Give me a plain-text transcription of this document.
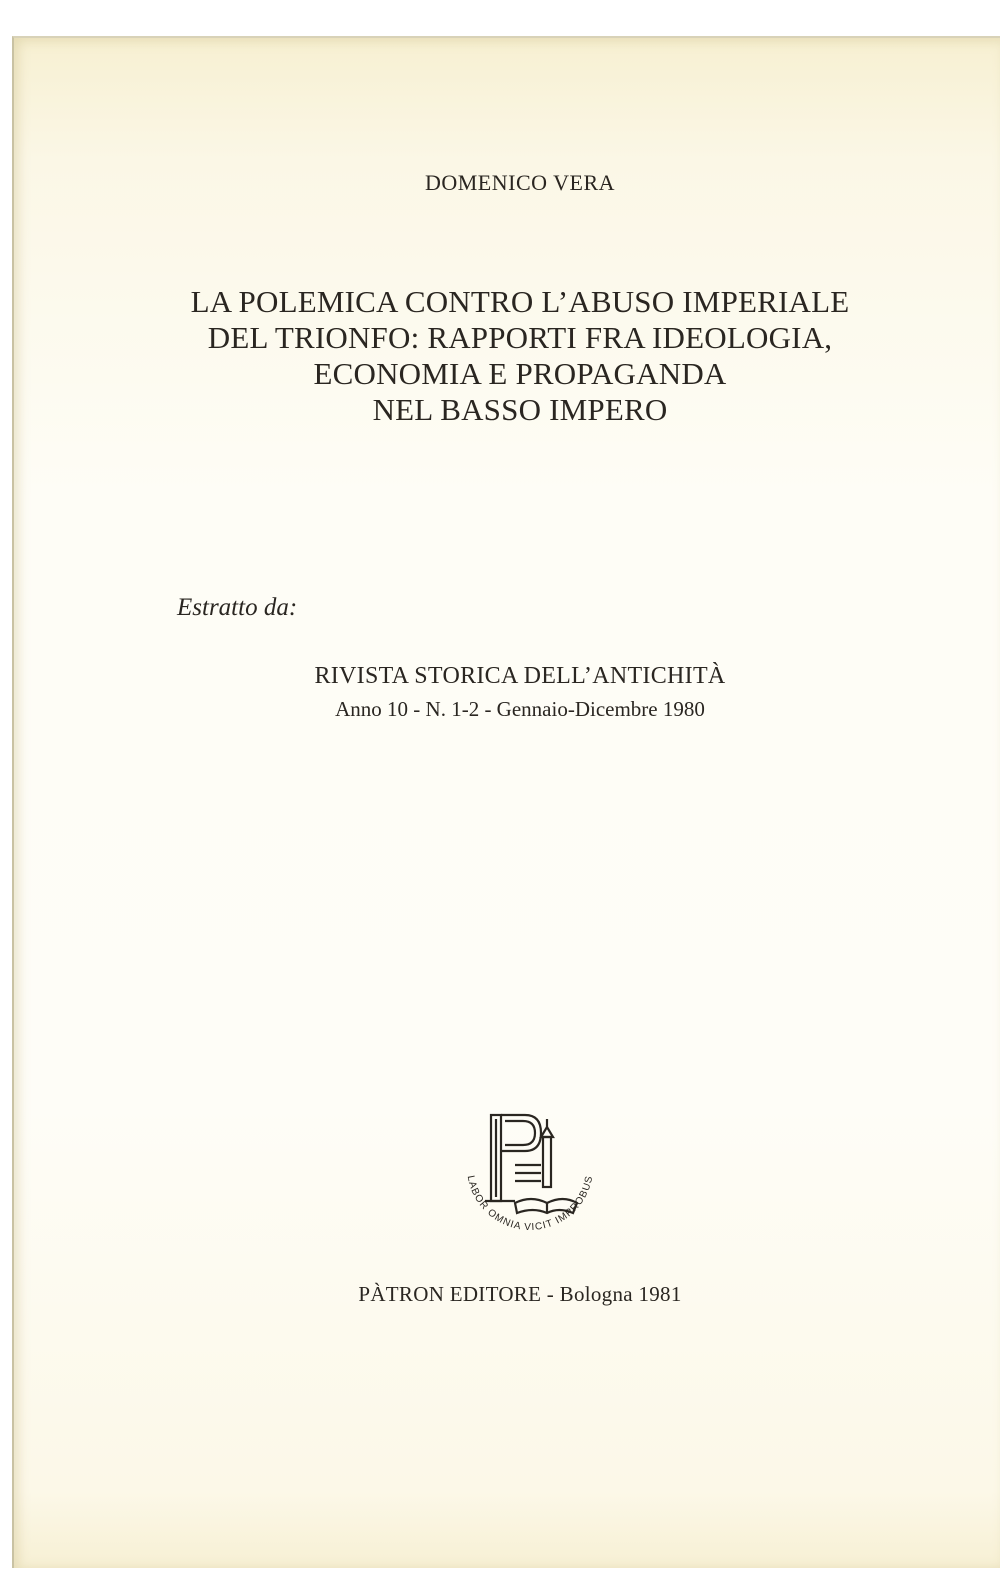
DOMENICO VERA
LA POLEMICA CONTRO L’ABUSO IMPERIALE
DEL TRIONFO: RAPPORTI FRA IDEOLOGIA,
ECONOMIA E PROPAGANDA
NEL BASSO IMPERO
Estratto da:
RIVISTA STORICA DELL’ANTICHITÀ
Anno 10 - N. 1-2 - Gennaio-Dicembre 1980
LABOR OMNIA VICIT IMPROBUS
PÀTRON EDITORE - Bologna 1981
